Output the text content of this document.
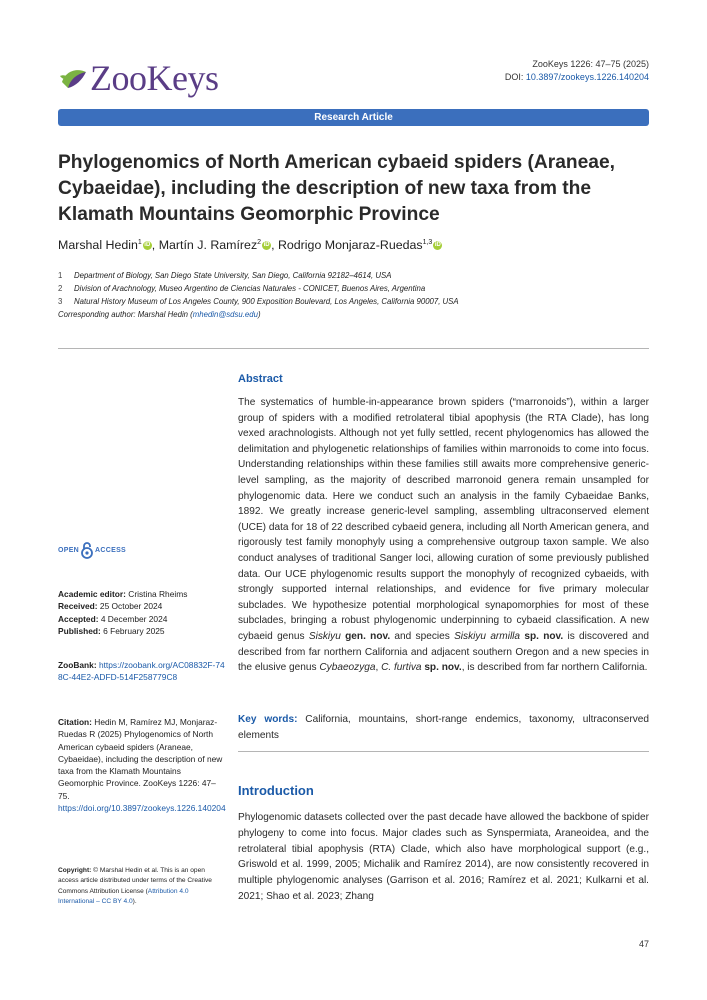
ZooKeys	ZooKeys 1226: 47–75 (2025)
DOI: 10.3897/zookeys.1226.140204
Research Article
Phylogenomics of North American cybaeid spiders (Araneae, Cybaeidae), including the description of new taxa from the Klamath Mountains Geomorphic Province
Marshal Hedin$^1$ iD , Martín J. Ramírez$^2$ iD , Rodrigo Monjaraz-Ruedas$^{1,3}$ iD
1	Department of Biology, San Diego State University, San Diego, California 92182–4614, USA
2	Division of Arachnology, Museo Argentino de Ciencias Naturales - CONICET, Buenos Aires, Argentina
3	Natural History Museum of Los Angeles County, 900 Exposition Boulevard, Los Angeles, California 90007, USA
Corresponding author: Marshal Hedin (mhedin@sdsu.edu)
Abstract

The systematics of humble-in-appearance brown spiders (“marronoids”), within a larger group of spiders with a modified retrolateral tibial apophysis (the RTA Clade), has long vexed arachnologists. Although not yet fully settled, recent phylogenomics has allowed the delimitation and phylogenetic relationships of families within marronoids to come into focus. Understanding relationships within these families still awaits more comprehensive generic-level sampling, as the majority of described marronoid genera remain unsampled for phylogenomic data. Here we conduct such an analysis in the family Cybaeidae Banks, 1892. We greatly increase generic-level sampling, assembling ultraconserved element (UCE) data for 18 of 22 described cybaeid genera, including all North American genera, and rigorously test family monophyly using a comprehensive outgroup taxon sample. We also conduct analyses of traditional Sanger loci, allowing curation of some previously published data. Our UCE phylogenomic results support the monophyly of recognized cybaeids, with strongly supported internal relationships, and evidence for five primary molecular subclades. We hypothesize potential morphological synapomorphies for most of these subclades, bringing a robust phylogenomic underpinning to cybaeid classification. A new cybaeid genus Siskiyu gen. nov. and species Siskiyu armilla sp. nov. is discovered and described from far northern California and adjacent southern Oregon and a new species in the elusive genus Cybaeozyga, C. furtiva sp. nov., is described from far northern California.

Key words: California, mountains, short-range endemics, taxonomy, ultraconserved elements

Introduction

Phylogenomic datasets collected over the past decade have allowed the backbone of spider phylogeny to come into focus. Major clades such as Synspermiata, Araneoidea, and the retrolateral tibial apophysis (RTA) Clade, which also have morphological support (e.g., Griswold et al. 1999, 2005; Michalik and Ramírez 2014), are now consistently recovered in multiple phylogenomic analyses (Garrison et al. 2016; Ramírez et al. 2021; Kulkarni et al. 2021; Shao et al. 2023; Zhang

OPEN ACCESS
Academic editor: Cristina Rheims
Received: 25 October 2024
Accepted: 4 December 2024
Published: 6 February 2025
ZooBank: https://zoobank.org/AC08832F-748C-44E2-ADFD-514F258779C8
Citation: Hedin M, Ramírez MJ, Monjaraz-Ruedas R (2025) Phylogenomics of North American cybaeid spiders (Araneae, Cybaeidae), including the description of new taxa from the Klamath Mountains Geomorphic Province. ZooKeys 1226: 47–75. https://doi.org/10.3897/zookeys.1226.140204
Copyright: © Marshal Hedin et al. This is an open access article distributed under terms of the Creative Commons Attribution License (Attribution 4.0 International – CC BY 4.0).
47
